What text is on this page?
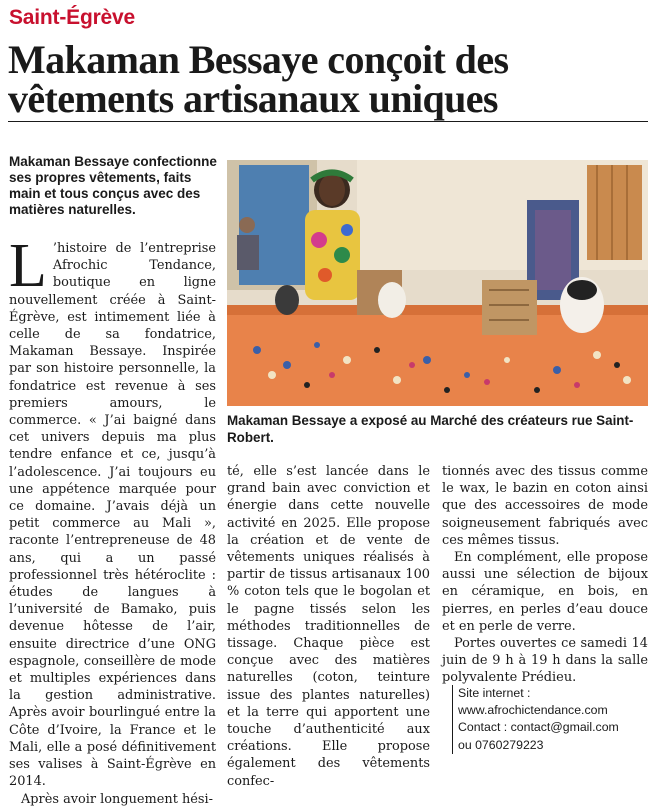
Saint-Égrève
Makaman Bessaye conçoit des vêtements artisanaux uniques
Makaman Bessaye confectionne ses propres vêtements, faits main et tous conçus avec des matières naturelles.
L ’histoire de l’entreprise Afrochic Tendance, boutique en ligne nouvellement créée à Saint-Égrève, est intimement liée à celle de sa fondatrice, Makaman Bessaye. Inspirée par son histoire personnelle, la fondatrice est revenue à ses premiers amours, le commerce. « J’ai baigné dans cet univers depuis ma plus tendre enfance et ce, jusqu’à l’adolescence. J’ai toujours eu une appétence marquée pour ce domaine. J’avais déjà un petit commerce au Mali », raconte l’entrepreneuse de 48 ans, qui a un passé professionnel très hétéroclite : études de langues à l’université de Bamako, puis devenue hôtesse de l’air, ensuite directrice d’une ONG espagnole, conseillère de mode et multiples expériences dans la gestion administrative. Après avoir bourlingué entre la Côte d’Ivoire, la France et le Mali, elle a posé définitivement ses valises à Saint-Égrève en 2014.

Après avoir longuement hési-

Makaman Bessaye a exposé au Marché des créateurs rue Saint-Robert.

té, elle s’est lancée dans le grand bain avec conviction et énergie dans cette nouvelle activité en 2025. Elle propose la création et de vente de vêtements uniques réalisés à partir de tissus artisanaux 100 % coton tels que le bogolan et le pagne tissés selon les méthodes traditionnelles de tissage. Chaque pièce est conçue avec des matières naturelles (coton, teinture issue des plantes naturelles) et la terre qui apportent une touche d’authenticité aux créations. Elle propose également des vêtements confec-

tionnés avec des tissus comme le wax, le bazin en coton ainsi que des accessoires de mode soigneusement fabriqués avec ces mêmes tissus.

En complément, elle propose aussi une sélection de bijoux en céramique, en bois, en pierres, en perles d’eau douce et en perle de verre.

Portes ouvertes ce samedi 14 juin de 9 h à 19 h dans la salle polyvalente Prédieu.

Site internet :
www.afrochictendance.com
Contact : contact@gmail.com
ou 0760279223
